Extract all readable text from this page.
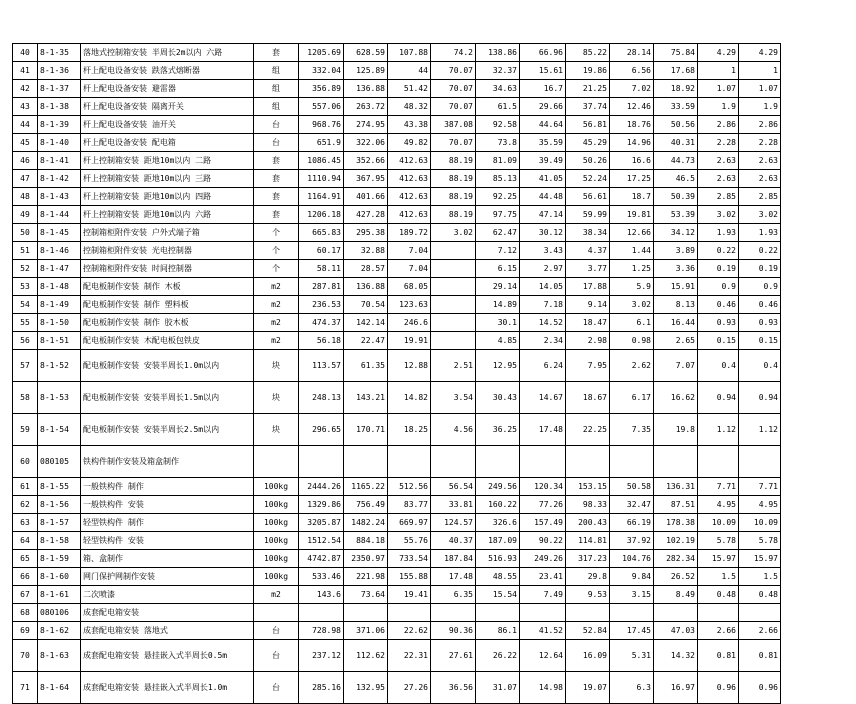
40	8-1-35	落地式控制箱安装 半周长2m以内 六路	套	1205.69	628.59	107.88	74.2	138.86	66.96	85.22	28.14	75.84	4.29	4.29
41	8-1-36	杆上配电设备安装 跌落式熔断器	组	332.04	125.89	44	70.07	32.37	15.61	19.86	6.56	17.68	1	1
42	8-1-37	杆上配电设备安装 避雷器	组	356.89	136.88	51.42	70.07	34.63	16.7	21.25	7.02	18.92	1.07	1.07
43	8-1-38	杆上配电设备安装 隔离开关	组	557.06	263.72	48.32	70.07	61.5	29.66	37.74	12.46	33.59	1.9	1.9
44	8-1-39	杆上配电设备安装 油开关	台	968.76	274.95	43.38	387.08	92.58	44.64	56.81	18.76	50.56	2.86	2.86
45	8-1-40	杆上配电设备安装 配电箱	台	651.9	322.06	49.82	70.07	73.8	35.59	45.29	14.96	40.31	2.28	2.28
46	8-1-41	杆上控制箱安装 距地10m以内 二路	套	1086.45	352.66	412.63	88.19	81.09	39.49	50.26	16.6	44.73	2.63	2.63
47	8-1-42	杆上控制箱安装 距地10m以内 三路	套	1110.94	367.95	412.63	88.19	85.13	41.05	52.24	17.25	46.5	2.63	2.63
48	8-1-43	杆上控制箱安装 距地10m以内 四路	套	1164.91	401.66	412.63	88.19	92.25	44.48	56.61	18.7	50.39	2.85	2.85
49	8-1-44	杆上控制箱安装 距地10m以内 六路	套	1206.18	427.28	412.63	88.19	97.75	47.14	59.99	19.81	53.39	3.02	3.02
50	8-1-45	控制箱柜附件安装 户外式端子箱	个	665.83	295.38	189.72	3.02	62.47	30.12	38.34	12.66	34.12	1.93	1.93
51	8-1-46	控制箱柜附件安装 光电控制器	个	60.17	32.88	7.04		7.12	3.43	4.37	1.44	3.89	0.22	0.22
52	8-1-47	控制箱柜附件安装 时间控制器	个	58.11	28.57	7.04		6.15	2.97	3.77	1.25	3.36	0.19	0.19
53	8-1-48	配电板制作安装 制作 木板	m2	287.81	136.88	68.05		29.14	14.05	17.88	5.9	15.91	0.9	0.9
54	8-1-49	配电板制作安装 制作 塑料板	m2	236.53	70.54	123.63		14.89	7.18	9.14	3.02	8.13	0.46	0.46
55	8-1-50	配电板制作安装 制作 胶木板	m2	474.37	142.14	246.6		30.1	14.52	18.47	6.1	16.44	0.93	0.93
56	8-1-51	配电板制作安装 木配电板包铁皮	m2	56.18	22.47	19.91		4.85	2.34	2.98	0.98	2.65	0.15	0.15
57	8-1-52	配电板制作安装 安装半周长1.0m以内	块	113.57	61.35	12.88	2.51	12.95	6.24	7.95	2.62	7.07	0.4	0.4
58	8-1-53	配电板制作安装 安装半周长1.5m以内	块	248.13	143.21	14.82	3.54	30.43	14.67	18.67	6.17	16.62	0.94	0.94
59	8-1-54	配电板制作安装 安装半周长2.5m以内	块	296.65	170.71	18.25	4.56	36.25	17.48	22.25	7.35	19.8	1.12	1.12
60	080105	铁构件制作安装及箱盒制作												
61	8-1-55	一般铁构件 制作	100kg	2444.26	1165.22	512.56	56.54	249.56	120.34	153.15	50.58	136.31	7.71	7.71
62	8-1-56	一般铁构件 安装	100kg	1329.86	756.49	83.77	33.81	160.22	77.26	98.33	32.47	87.51	4.95	4.95
63	8-1-57	轻型铁构件 制作	100kg	3205.87	1482.24	669.97	124.57	326.6	157.49	200.43	66.19	178.38	10.09	10.09
64	8-1-58	轻型铁构件 安装	100kg	1512.54	884.18	55.76	40.37	187.09	90.22	114.81	37.92	102.19	5.78	5.78
65	8-1-59	箱、盒制作	100kg	4742.87	2350.97	733.54	187.84	516.93	249.26	317.23	104.76	282.34	15.97	15.97
66	8-1-60	网门保护网制作安装	100kg	533.46	221.98	155.88	17.48	48.55	23.41	29.8	9.84	26.52	1.5	1.5
67	8-1-61	二次喷漆	m2	143.6	73.64	19.41	6.35	15.54	7.49	9.53	3.15	8.49	0.48	0.48
68	080106	成套配电箱安装												
69	8-1-62	成套配电箱安装 落地式	台	728.98	371.06	22.62	90.36	86.1	41.52	52.84	17.45	47.03	2.66	2.66
70	8-1-63	成套配电箱安装 悬挂嵌入式半周长0.5m	台	237.12	112.62	22.31	27.61	26.22	12.64	16.09	5.31	14.32	0.81	0.81
71	8-1-64	成套配电箱安装 悬挂嵌入式半周长1.0m	台	285.16	132.95	27.26	36.56	31.07	14.98	19.07	6.3	16.97	0.96	0.96
